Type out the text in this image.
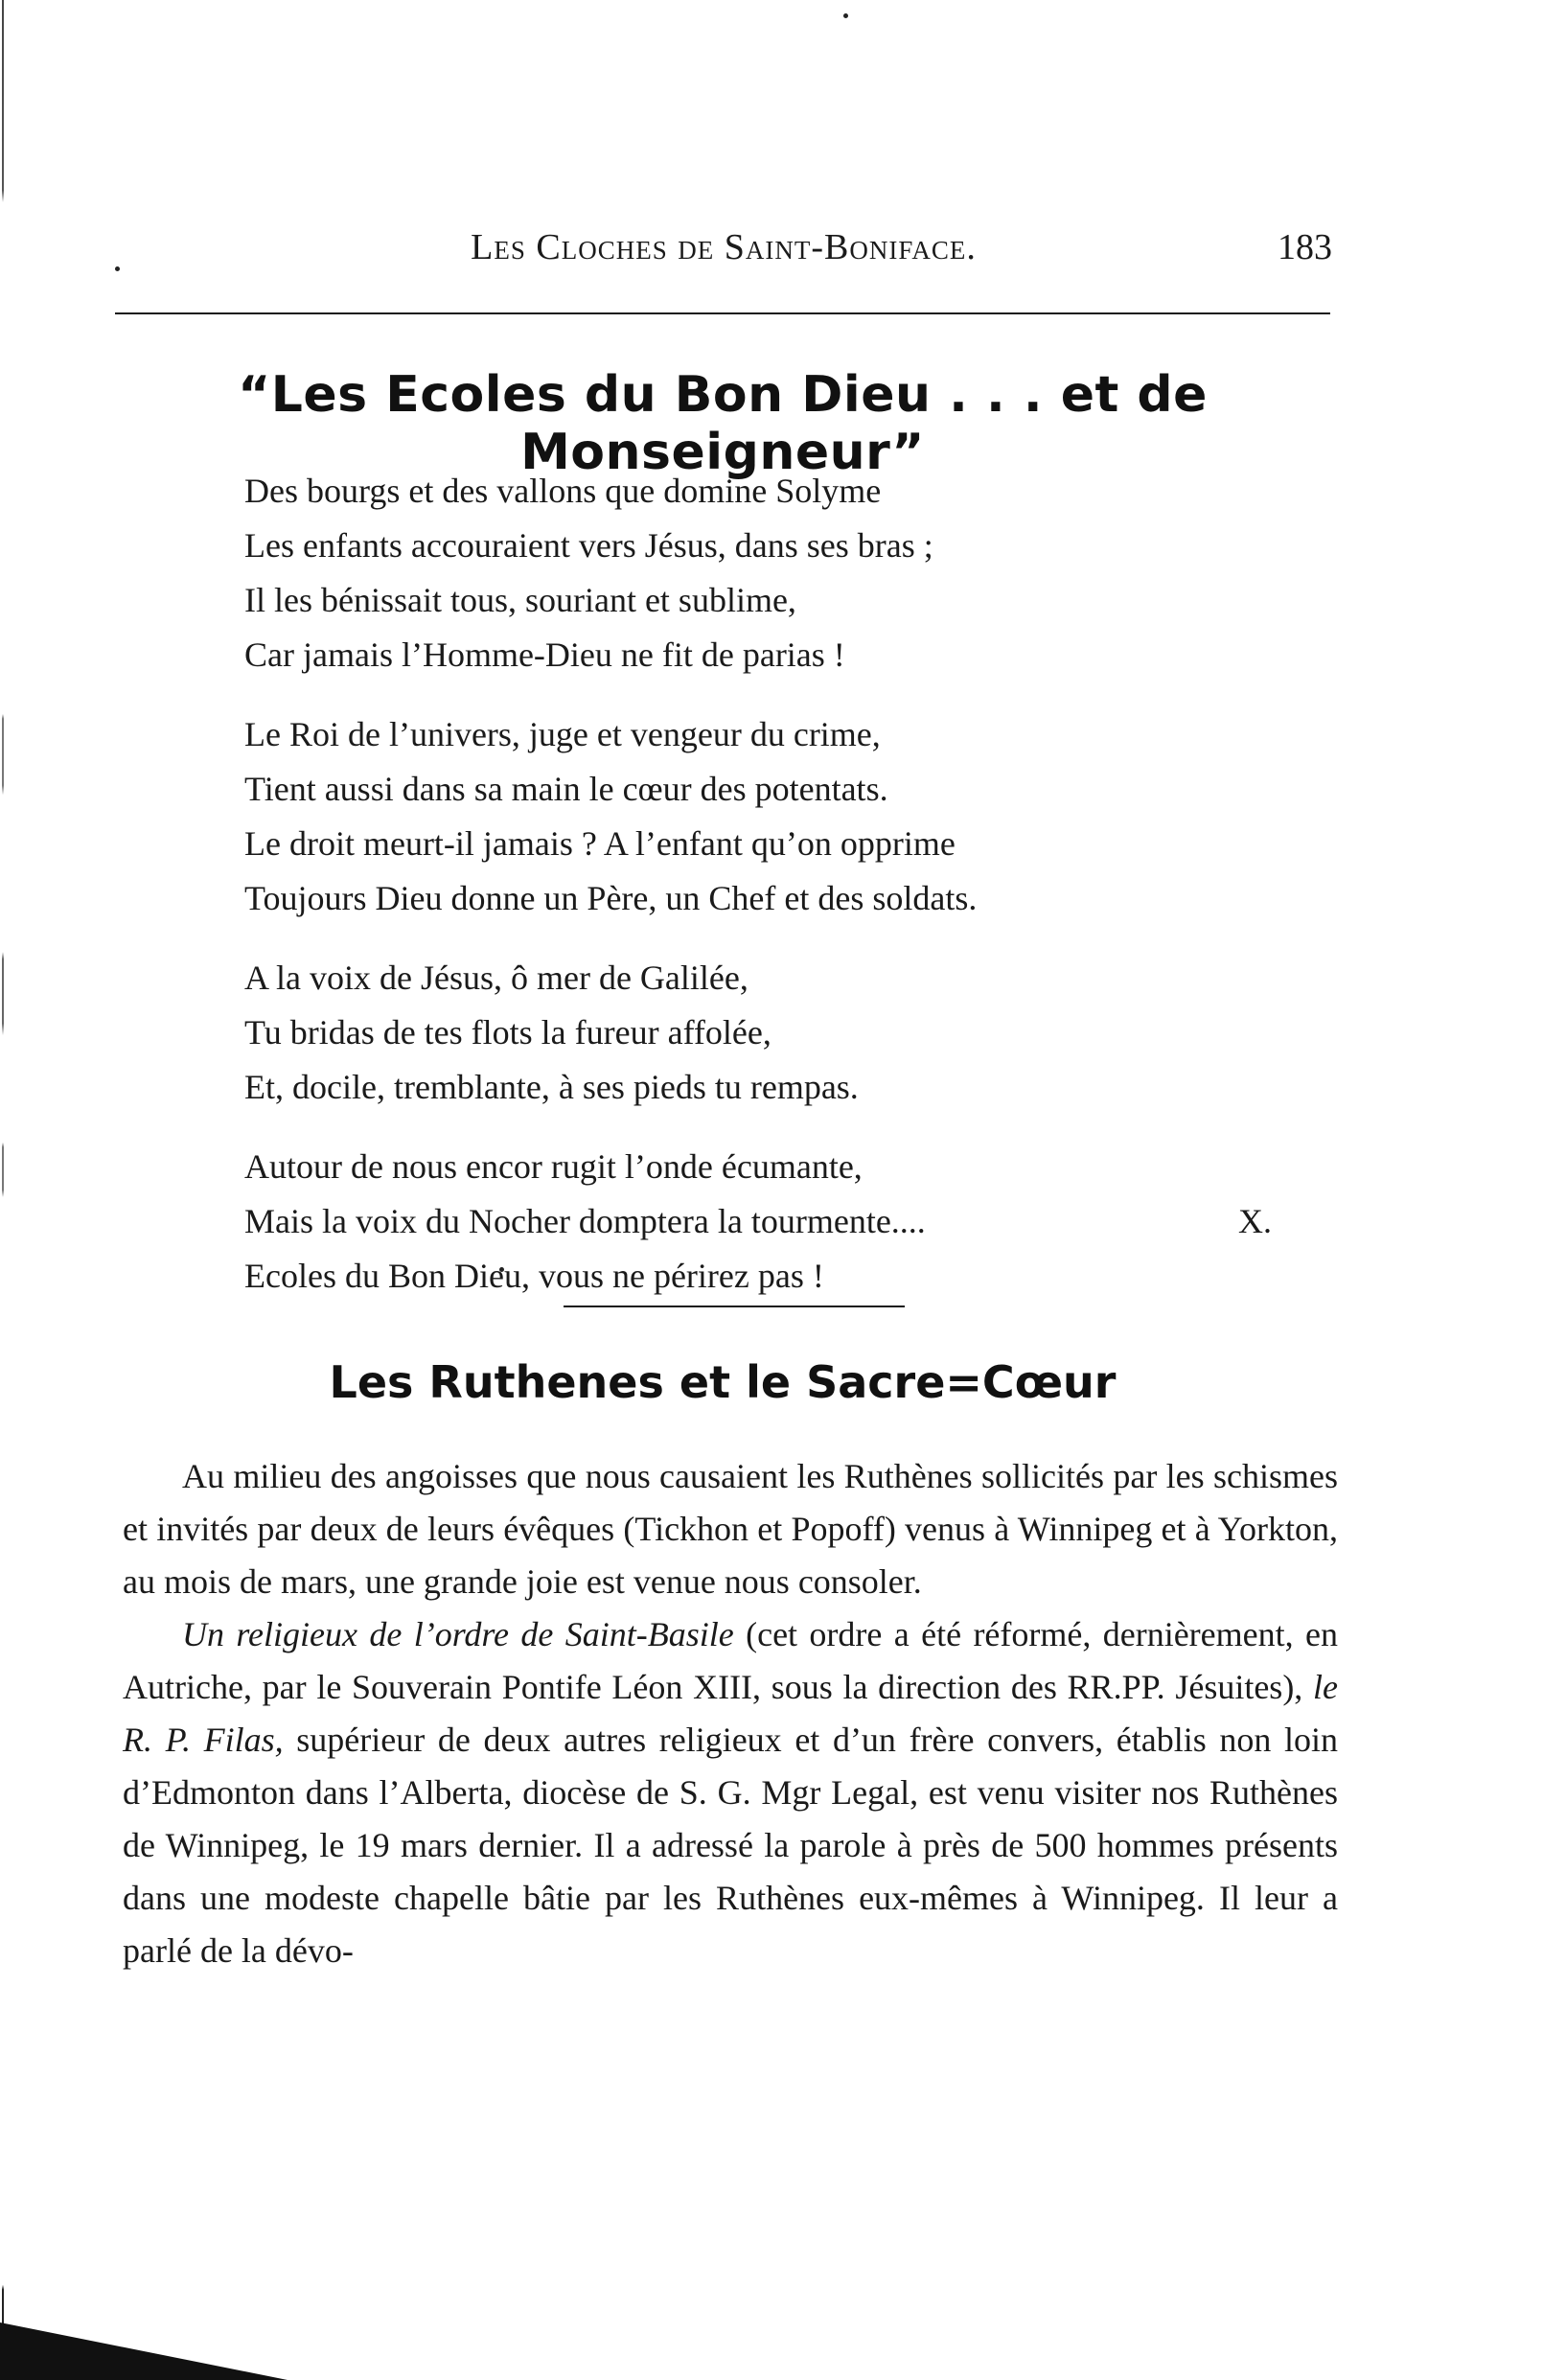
Les Cloches de Saint-Boniface.	183
“Les Ecoles du Bon Dieu . . . et de Monseigneur”
Des bourgs et des vallons que domine Solyme
Les enfants accouraient vers Jésus, dans ses bras ;
Il les bénissait tous, souriant et sublime,
Car jamais l’Homme-Dieu ne fit de parias !
Le Roi de l’univers, juge et vengeur du crime,
Tient aussi dans sa main le cœur des potentats.
Le droit meurt-il jamais ? A l’enfant qu’on opprime
Toujours Dieu donne un Père, un Chef et des soldats.
A la voix de Jésus, ô mer de Galilée,
Tu bridas de tes flots la fureur affolée,
Et, docile, tremblante, à ses pieds tu rempas.
Autour de nous encor rugit l’onde écumante,
Mais la voix du Nocher domptera la tourmente....
Ecoles du Bon Dieu, vous ne périrez pas !
X.
Les Ruthenes et le Sacre=Cœur

Au milieu des angoisses que nous causaient les Ruthènes sollicités par les schismes et invités par deux de leurs évêques (Tickhon et Popoff) venus à Winnipeg et à Yorkton, au mois de mars, une grande joie est venue nous consoler.

Un religieux de l’ordre de Saint-Basile (cet ordre a été réformé, dernièrement, en Autriche, par le Souverain Pontife Léon XIII, sous la direction des RR.PP. Jésuites), le R. P. Filas, supérieur de deux autres religieux et d’un frère convers, établis non loin d’Edmonton dans l’Alberta, diocèse de S. G. Mgr Legal, est venu visiter nos Ruthènes de Winnipeg, le 19 mars dernier. Il a adressé la parole à près de 500 hommes présents dans une modeste chapelle bâtie par les Ruthènes eux-mêmes à Winnipeg. Il leur a parlé de la dévo-
